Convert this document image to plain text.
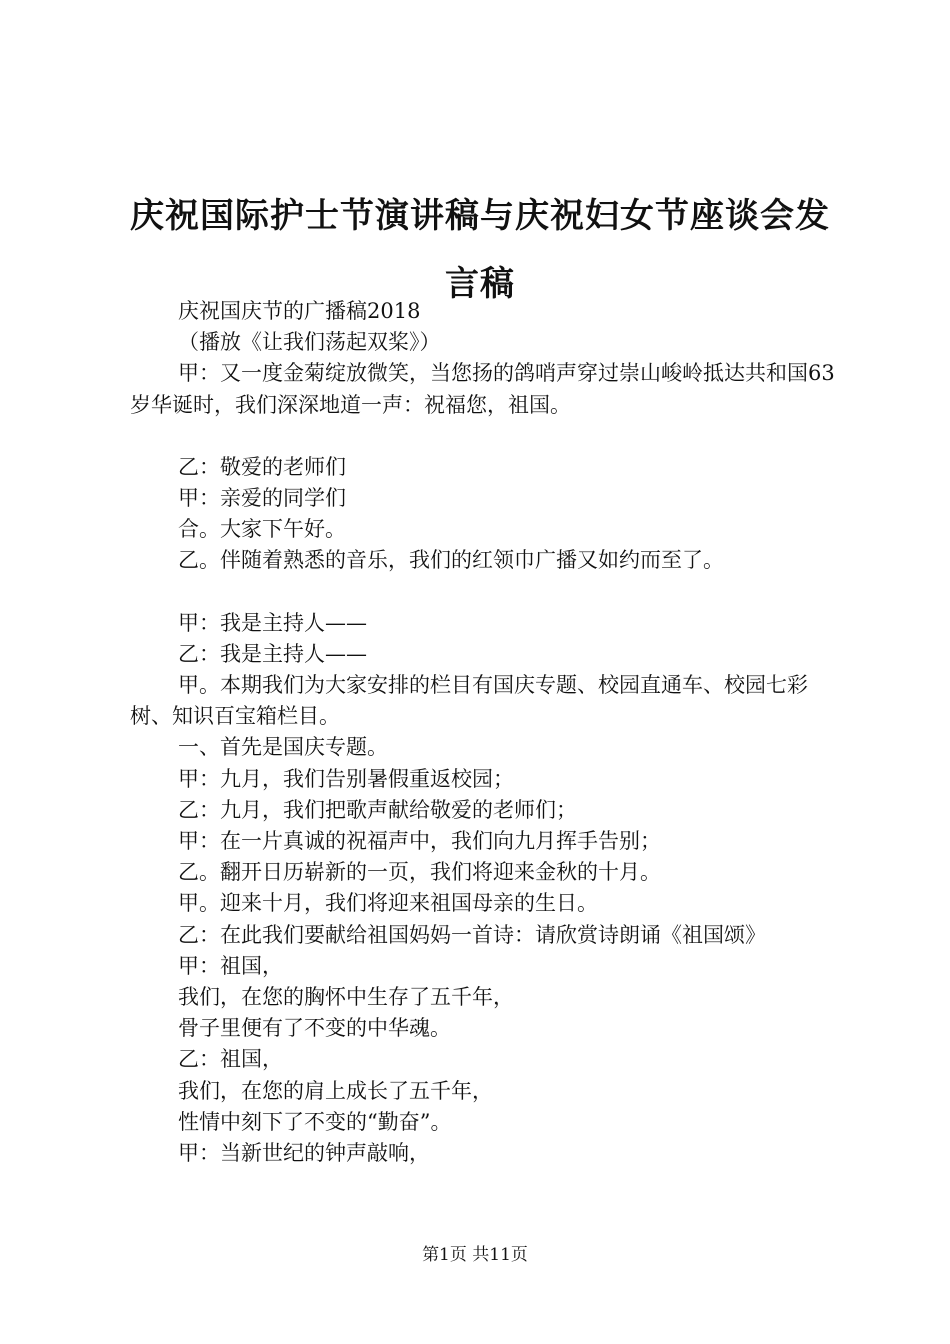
庆祝国际护士节演讲稿与庆祝妇女节座谈会发言稿

庆祝国庆节的广播稿2018

（播放《让我们荡起双桨》）

甲：又一度金菊绽放微笑，当您扬的鸽哨声穿过崇山峻岭抵达共和国63岁华诞时，我们深深地道一声：祝福您，祖国。

乙：敬爱的老师们

甲：亲爱的同学们

合。大家下午好。

乙。伴随着熟悉的音乐，我们的红领巾广播又如约而至了。

甲：我是主持人——

乙：我是主持人——

甲。本期我们为大家安排的栏目有国庆专题、校园直通车、校园七彩树、知识百宝箱栏目。

一、首先是国庆专题。

甲：九月，我们告别暑假重返校园；

乙：九月，我们把歌声献给敬爱的老师们；

甲：在一片真诚的祝福声中，我们向九月挥手告别；

乙。翻开日历崭新的一页，我们将迎来金秋的十月。

甲。迎来十月，我们将迎来祖国母亲的生日。

乙：在此我们要献给祖国妈妈一首诗：请欣赏诗朗诵《祖国颂》

甲：祖国，

我们，在您的胸怀中生存了五千年，

骨子里便有了不变的中华魂。

乙：祖国，

我们，在您的肩上成长了五千年，

性情中刻下了不变的“勤奋”。

甲：当新世纪的钟声敲响，

第1页 共11页
